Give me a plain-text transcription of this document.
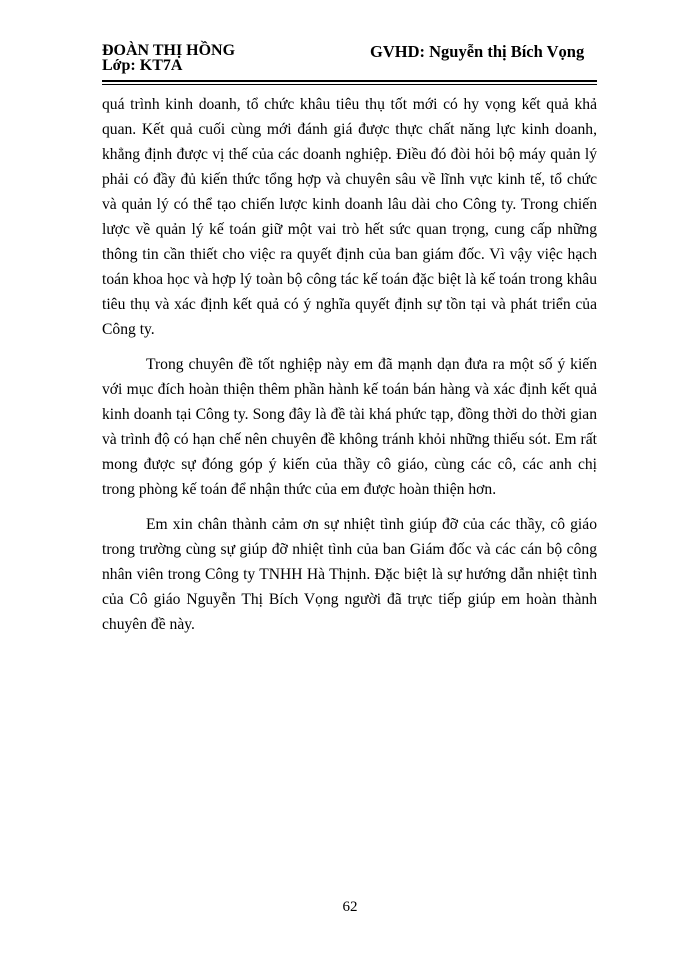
ĐOÀN THỊ HỒNG
Lớp: KT7A
GVHD: Nguyễn thị Bích Vọng

quá trình kinh doanh, tổ chức khâu tiêu thụ tốt mới có hy vọng kết quả khả quan. Kết quả cuối cùng mới đánh giá được thực chất năng lực kinh doanh, khẳng định được vị thế của các doanh nghiệp. Điều đó đòi hỏi bộ máy quản lý phải có đầy đủ kiến thức tổng hợp và chuyên sâu về lĩnh vực kinh tế, tổ chức và quản lý có thể tạo chiến lược kinh doanh lâu dài cho Công ty. Trong chiến lược về quản lý kế toán giữ một vai trò hết sức quan trọng, cung cấp những thông tin cần thiết cho việc ra quyết định của ban giám đốc. Vì vậy việc hạch toán khoa học và hợp lý toàn bộ công tác kế toán đặc biệt là kế toán trong khâu tiêu thụ và xác định kết quả có ý nghĩa quyết định sự tồn tại và phát triển của Công ty.

Trong chuyên đề tốt nghiệp này em đã mạnh dạn đưa ra một số ý kiến với mục đích hoàn thiện thêm phần hành kế toán bán hàng và xác định kết quả kinh doanh tại Công ty. Song đây là đề tài khá phức tạp, đồng thời do thời gian và trình độ có hạn chế nên chuyên đề không tránh khỏi những thiếu sót. Em rất mong được sự đóng góp ý kiến của thầy cô giáo, cùng các cô, các anh chị trong phòng kế toán để nhận thức của em được hoàn thiện hơn.

Em xin chân thành cảm ơn sự nhiệt tình giúp đỡ của các thầy, cô giáo trong trường cùng sự giúp đỡ nhiệt tình của ban Giám đốc và các cán bộ công nhân viên trong Công ty TNHH Hà Thịnh. Đặc biệt là sự hướng dẫn nhiệt tình của Cô giáo Nguyễn Thị Bích Vọng người đã trực tiếp giúp em hoàn thành chuyên đề này.

62
